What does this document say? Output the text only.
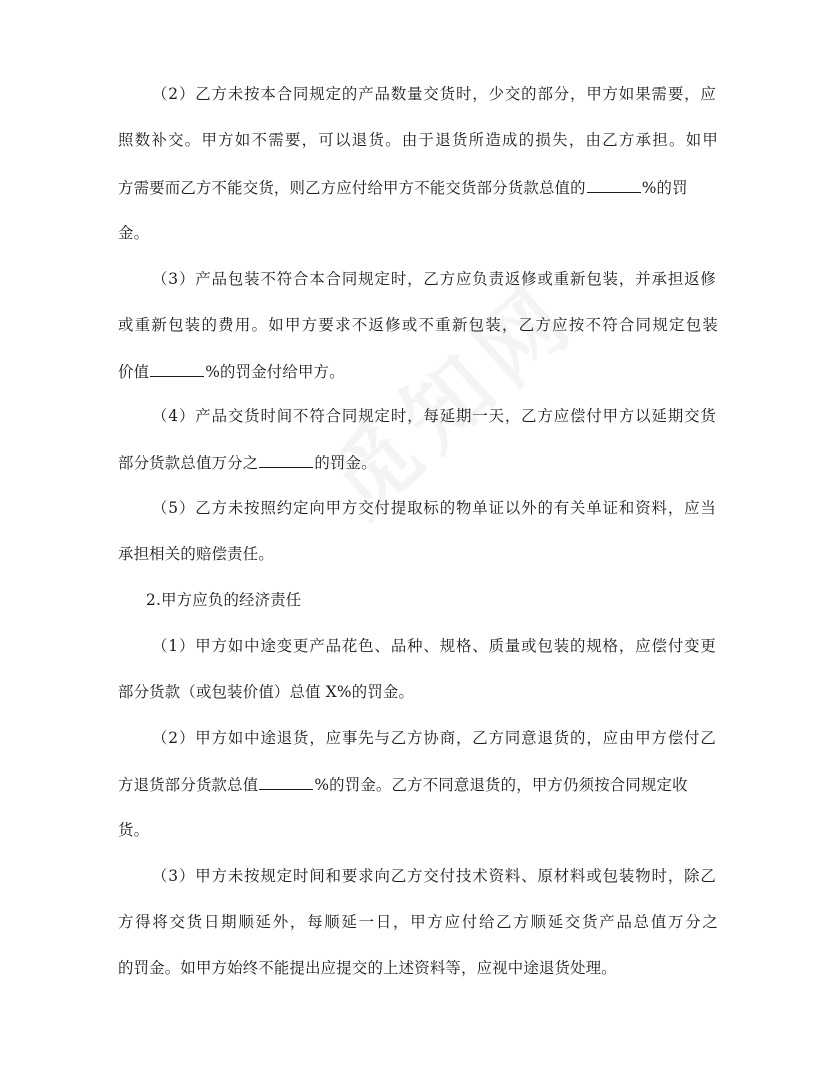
（2）乙方未按本合同规定的产品数量交货时，少交的部分，甲方如果需要，应
照数补交。甲方如不需要，可以退货。由于退货所造成的损失，由乙方承担。如甲
方需要而乙方不能交货，则乙方应付给甲方不能交货部分货款总值的	%的罚
金。
（3）产品包装不符合本合同规定时，乙方应负责返修或重新包装，并承担返修
或重新包装的费用。如甲方要求不返修或不重新包装，乙方应按不符合同规定包装
价值	%的罚金付给甲方。
（4）产品交货时间不符合同规定时，每延期一天，乙方应偿付甲方以延期交货
部分货款总值万分之	的罚金。
（5）乙方未按照约定向甲方交付提取标的物单证以外的有关单证和资料，应当
承担相关的赔偿责任。
2.甲方应负的经济责任
（1）甲方如中途变更产品花色、品种、规格、质量或包装的规格，应偿付变更
部分货款（或包装价值）总值 X%的罚金。
（2）甲方如中途退货，应事先与乙方协商，乙方同意退货的，应由甲方偿付乙
方退货部分货款总值	%的罚金。乙方不同意退货的，甲方仍须按合同规定收
货。
（3）甲方未按规定时间和要求向乙方交付技术资料、原材料或包装物时，除乙
方得将交货日期顺延外，每顺延一日，甲方应付给乙方顺延交货产品总值万分之
的罚金。如甲方始终不能提出应提交的上述资料等，应视中途退货处理。
